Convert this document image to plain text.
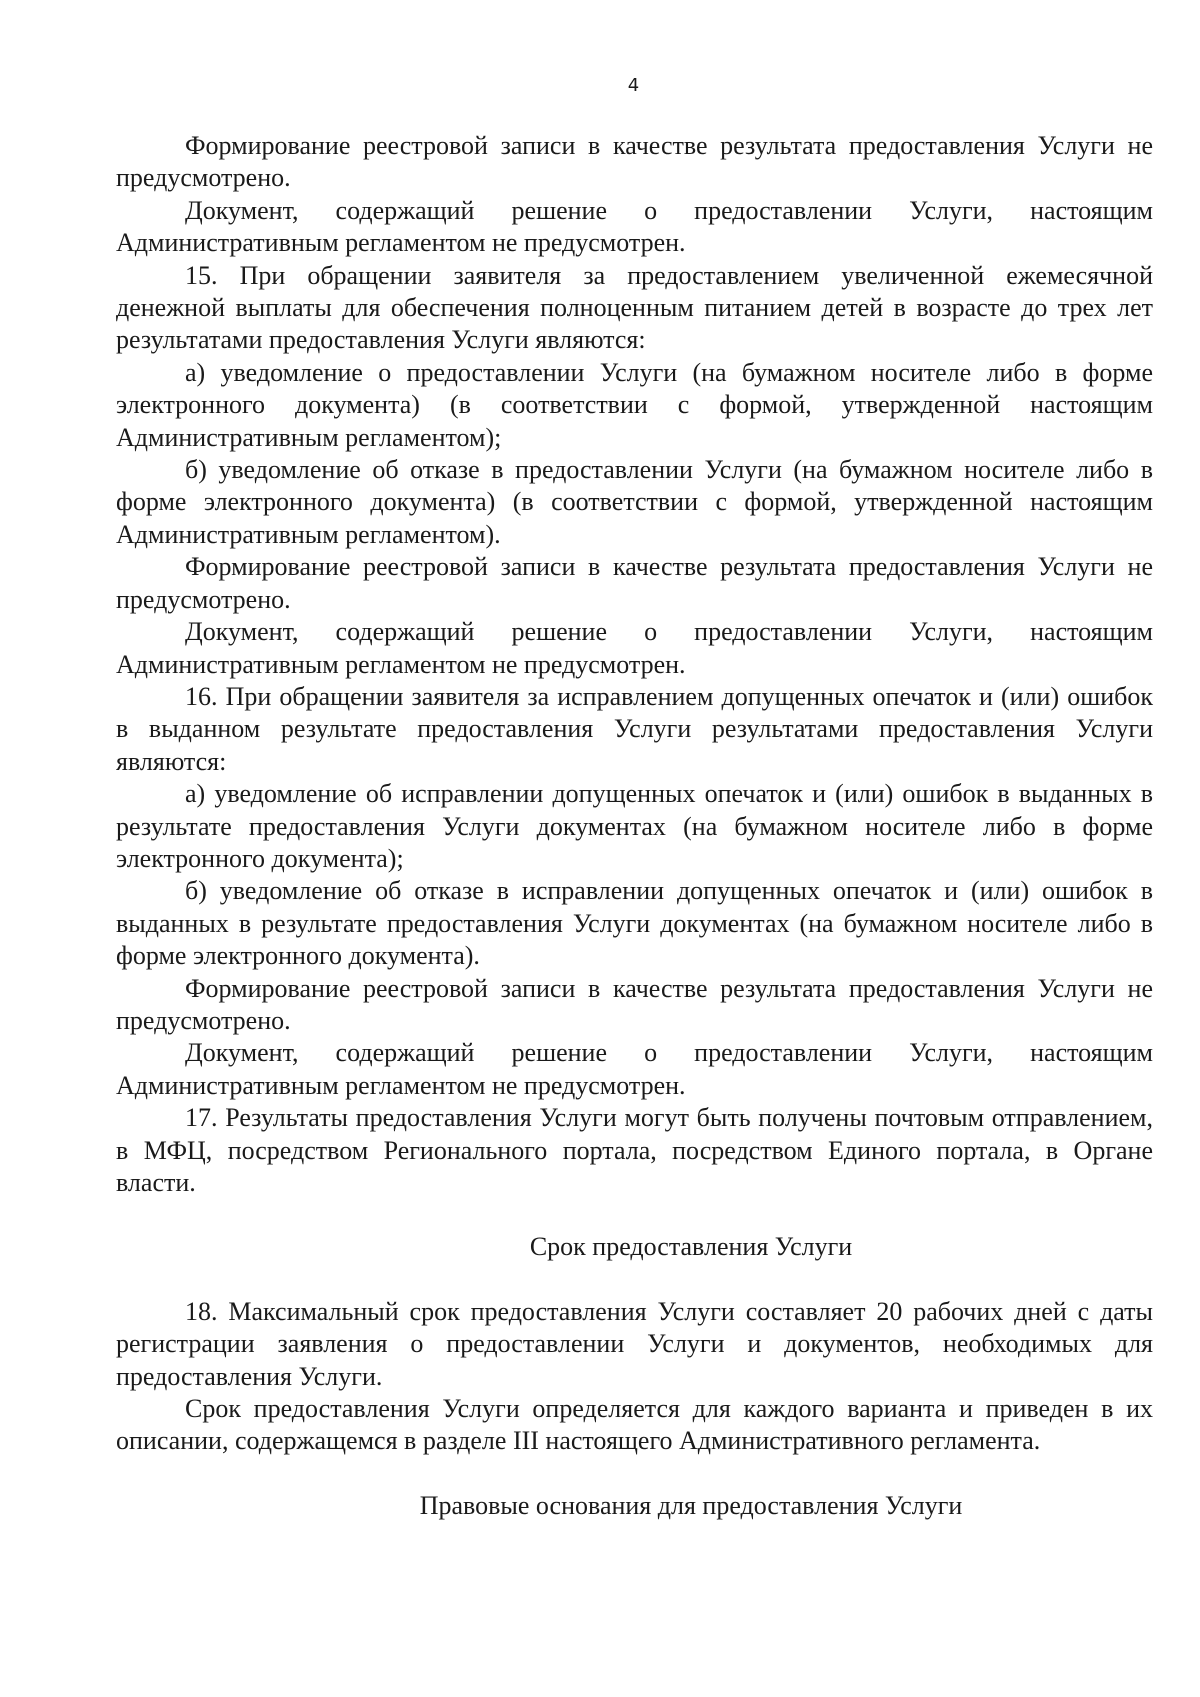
4

Формирование реестровой записи в качестве результата предоставления Услуги не предусмотрено.

Документ, содержащий решение о предоставлении Услуги, настоящим Административным регламентом не предусмотрен.

15. При обращении заявителя за предоставлением увеличенной ежемесячной денежной выплаты для обеспечения полноценным питанием детей в возрасте до трех лет результатами предоставления Услуги являются:

а) уведомление о предоставлении Услуги (на бумажном носителе либо в форме электронного документа) (в соответствии с формой, утвержденной настоящим Административным регламентом);

б) уведомление об отказе в предоставлении Услуги (на бумажном носителе либо в форме электронного документа) (в соответствии с формой, утвержденной настоящим Административным регламентом).

Формирование реестровой записи в качестве результата предоставления Услуги не предусмотрено.

Документ, содержащий решение о предоставлении Услуги, настоящим Административным регламентом не предусмотрен.

16. При обращении заявителя за исправлением допущенных опечаток и (или) ошибок в выданном результате предоставления Услуги результатами предоставления Услуги являются:

а) уведомление об исправлении допущенных опечаток и (или) ошибок в выданных в результате предоставления Услуги документах (на бумажном носителе либо в форме электронного документа);

б) уведомление об отказе в исправлении допущенных опечаток и (или) ошибок в выданных в результате предоставления Услуги документах (на бумажном носителе либо в форме электронного документа).

Формирование реестровой записи в качестве результата предоставления Услуги не предусмотрено.

Документ, содержащий решение о предоставлении Услуги, настоящим Административным регламентом не предусмотрен.

17. Результаты предоставления Услуги могут быть получены почтовым отправлением, в МФЦ, посредством Регионального портала, посредством Единого портала, в Органе власти.

Срок предоставления Услуги

18. Максимальный срок предоставления Услуги составляет 20 рабочих дней с даты регистрации заявления о предоставлении Услуги и документов, необходимых для предоставления Услуги.

Срок предоставления Услуги определяется для каждого варианта и приведен в их описании, содержащемся в разделе III настоящего Административного регламента.

Правовые основания для предоставления Услуги
